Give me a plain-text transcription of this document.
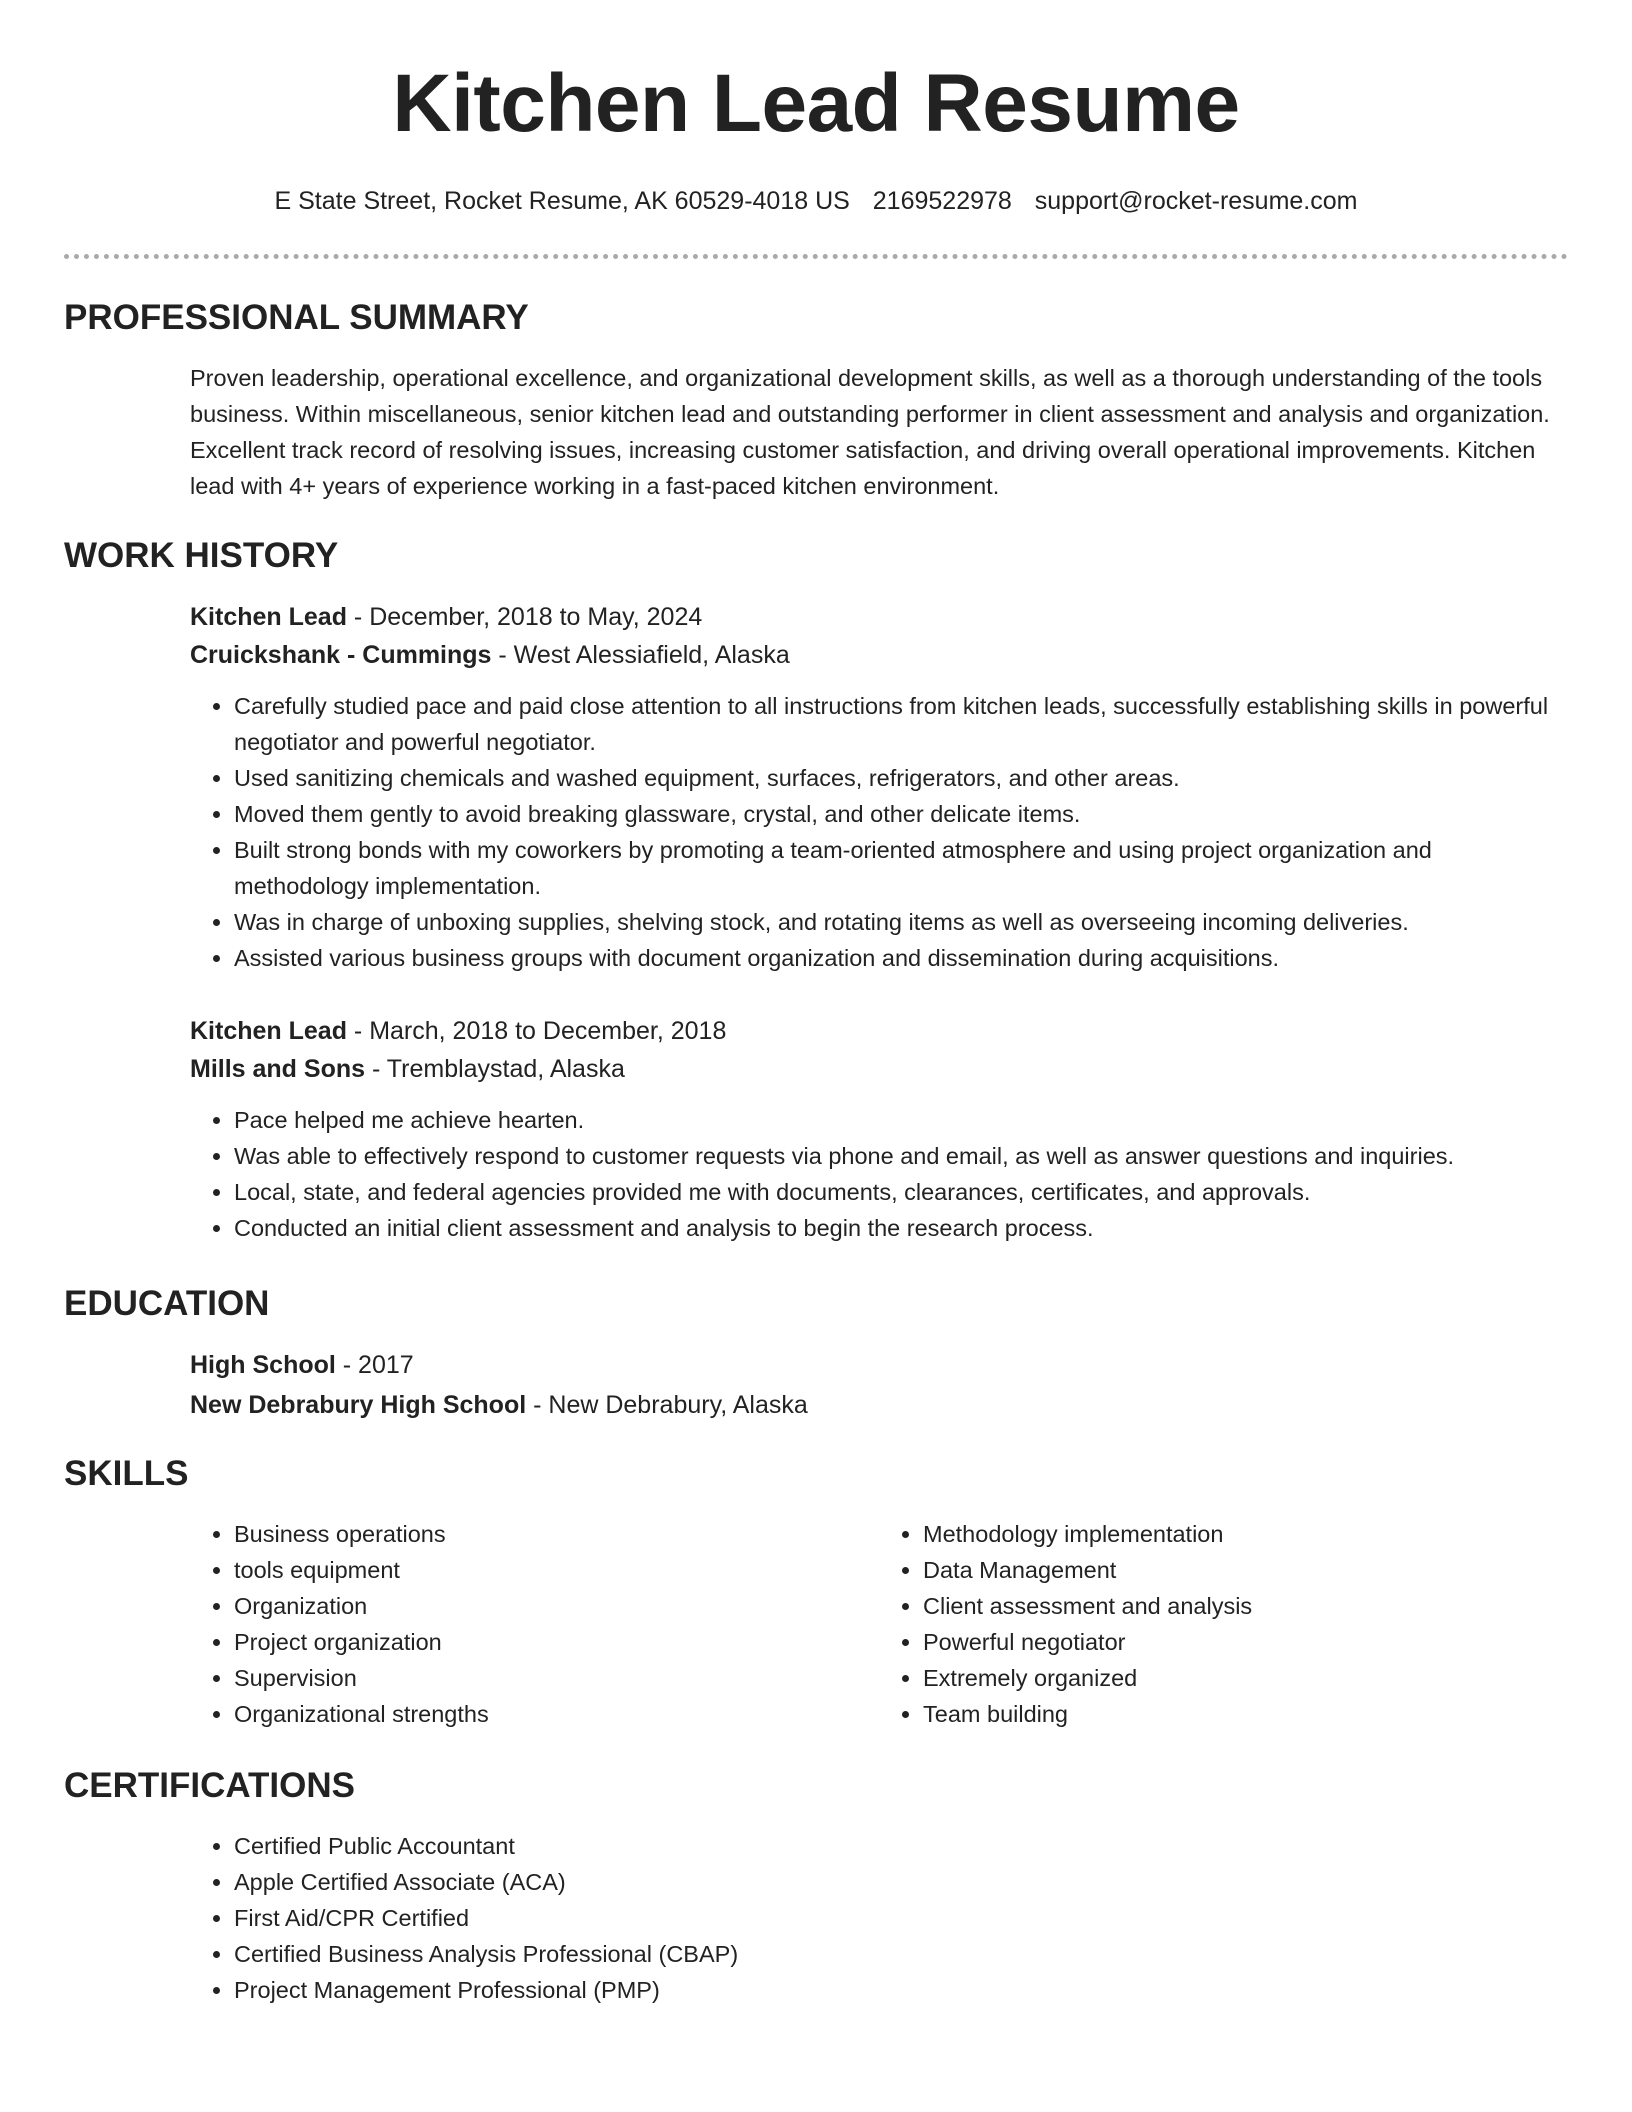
Kitchen Lead Resume
E State Street, Rocket Resume, AK 60529-4018 US 2169522978 support@rocket-resume.com
PROFESSIONAL SUMMARY

Proven leadership, operational excellence, and organizational development skills, as well as a thorough understanding of the tools business. Within miscellaneous, senior kitchen lead and outstanding performer in client assessment and analysis and organization. Excellent track record of resolving issues, increasing customer satisfaction, and driving overall operational improvements. Kitchen lead with 4+ years of experience working in a fast-paced kitchen environment.

WORK HISTORY
Kitchen Lead - December, 2018 to May, 2024
Cruickshank - Cummings - West Alessiafield, Alaska
• Carefully studied pace and paid close attention to all instructions from kitchen leads, successfully establishing skills in powerful negotiator and powerful negotiator.
• Used sanitizing chemicals and washed equipment, surfaces, refrigerators, and other areas.
• Moved them gently to avoid breaking glassware, crystal, and other delicate items.
• Built strong bonds with my coworkers by promoting a team-oriented atmosphere and using project organization and methodology implementation.
• Was in charge of unboxing supplies, shelving stock, and rotating items as well as overseeing incoming deliveries.
• Assisted various business groups with document organization and dissemination during acquisitions.
Kitchen Lead - March, 2018 to December, 2018
Mills and Sons - Tremblaystad, Alaska
• Pace helped me achieve hearten.
• Was able to effectively respond to customer requests via phone and email, as well as answer questions and inquiries.
• Local, state, and federal agencies provided me with documents, clearances, certificates, and approvals.
• Conducted an initial client assessment and analysis to begin the research process.
EDUCATION
High School - 2017
New Debrabury High School - New Debrabury, Alaska
SKILLS
• Business operations
• tools equipment
• Organization
• Project organization
• Supervision
• Organizational strengths
• Methodology implementation
• Data Management
• Client assessment and analysis
• Powerful negotiator
• Extremely organized
• Team building
CERTIFICATIONS
• Certified Public Accountant
• Apple Certified Associate (ACA)
• First Aid/CPR Certified
• Certified Business Analysis Professional (CBAP)
• Project Management Professional (PMP)
